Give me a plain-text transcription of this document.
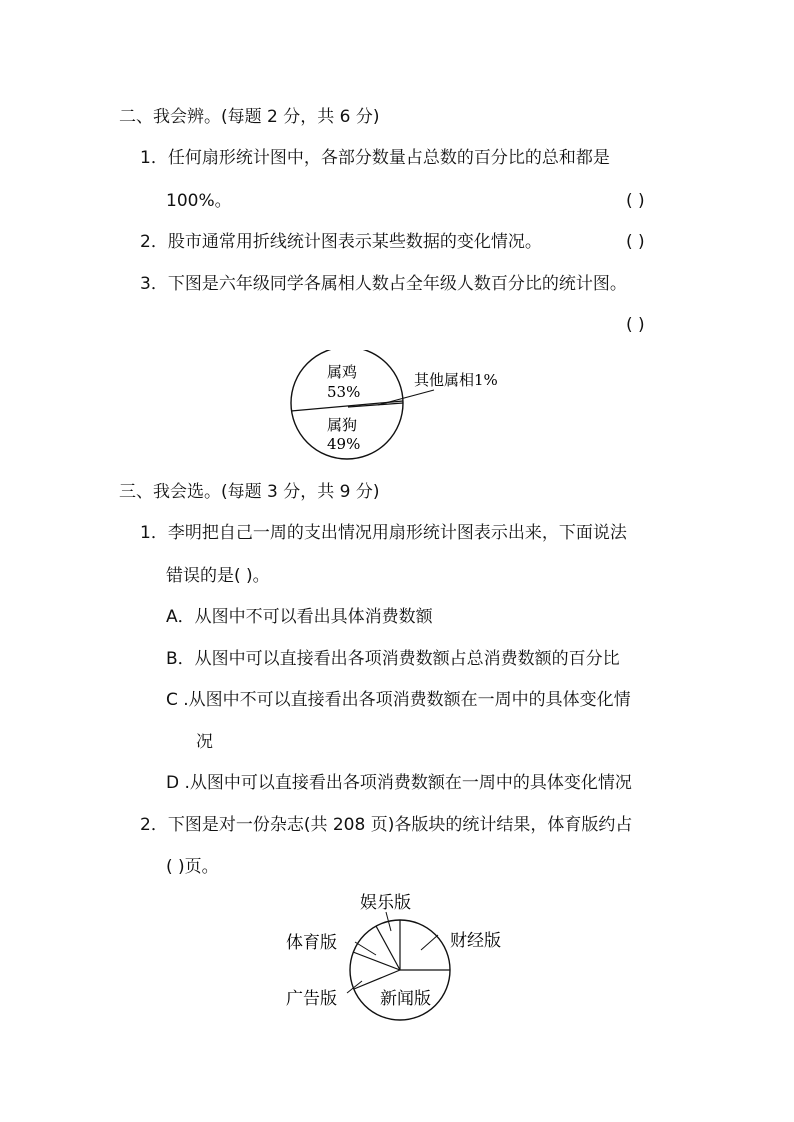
二、我会辨。(每题 2 分，共 6 分)
1．任何扇形统计图中，各部分数量占总数的百分比的总和都是
100%。	( )
2．股市通常用折线统计图表示某些数据的变化情况。	( )
3．下图是六年级同学各属相人数占全年级人数百分比的统计图。
( )
属鸡
53%
属狗
49%
其他属相1%
三、我会选。(每题 3 分，共 9 分)
1．李明把自己一周的支出情况用扇形统计图表示出来，下面说法
错误的是( )。
A．从图中不可以看出具体消费数额
B．从图中可以直接看出各项消费数额占总消费数额的百分比
C .从图中不可以直接看出各项消费数额在一周中的具体变化情
况
D .从图中可以直接看出各项消费数额在一周中的具体变化情况
2．下图是对一份杂志(共 208 页)各版块的统计结果，体育版约占
( )页。
娱乐版
财经版
体育版
广告版	新闻版
